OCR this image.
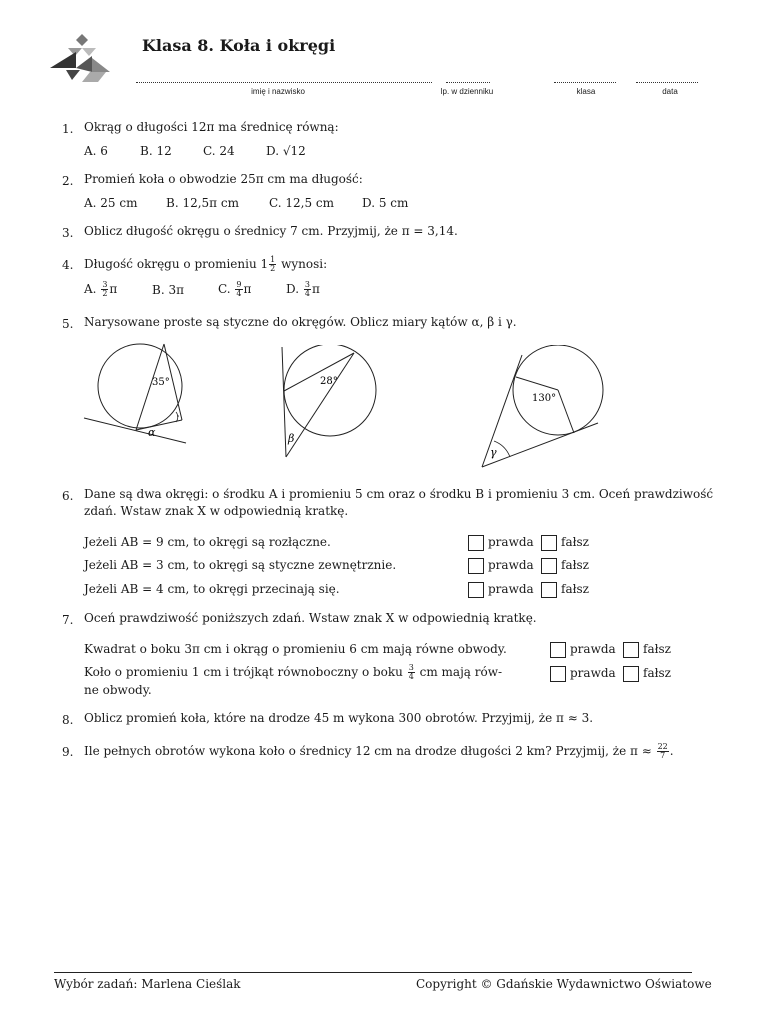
Klasa 8. Koła i okręgi
imię i nazwisko	lp. w dzienniku	klasa	data
1. Okrąg o długości 12π ma średnicę równą:
A. 6	B. 12	C. 24	D. √12
2. Promień koła o obwodzie 25π cm ma długość:
A. 25 cm B. 12,5π cm	C. 12,5 cm D. 5 cm
3. Oblicz długość okręgu o średnicy 7 cm. Przyjmij, że π = 3,14.
4. Długość okręgu o promieniu $1 \frac{1}{2}$ wynosi:
A. $\frac{3}{2}$ π	B. 3π	C. $\frac{9}{4}$ π	D. $\frac{3}{4}$ π
5. Narysowane proste są styczne do okręgów. Oblicz miary kątów α, β i γ.
35°
α
28°
β
130°
γ
6. Dane są dwa okręgi: o środku A i promieniu 5 cm oraz o środku B i promieniu 3 cm. Oceń prawdziwość
zdań. Wstaw znak X w odpowiednią kratkę.
Jeżeli AB = 9 cm, to okręgi są rozłączne.	prawda fałsz
Jeżeli AB = 3 cm, to okręgi są styczne zewnętrznie.	prawda fałsz
Jeżeli AB = 4 cm, to okręgi przecinają się.	prawda fałsz
7. Oceń prawdziwość poniższych zdań. Wstaw znak X w odpowiednią kratkę.
Kwadrat o boku 3π cm i okrąg o promieniu 6 cm mają równe obwody.	prawda fałsz
Koło o promieniu 1 cm i trójkąt równoboczny o boku $\frac{3}{4}$ cm mają rów-
ne obwody.
prawda fałsz
8. Oblicz promień koła, które na drodze 45 m wykona 300 obrotów. Przyjmij, że π ≈ 3.
9. Ile pełnych obrotów wykona koło o średnicy 12 cm na drodze długości 2 km? Przyjmij, że $\pi \approx \frac{22}{7}$ .
Wybór zadań: Marlena Cieślak	Copyright © Gdańskie Wydawnictwo Oświatowe
